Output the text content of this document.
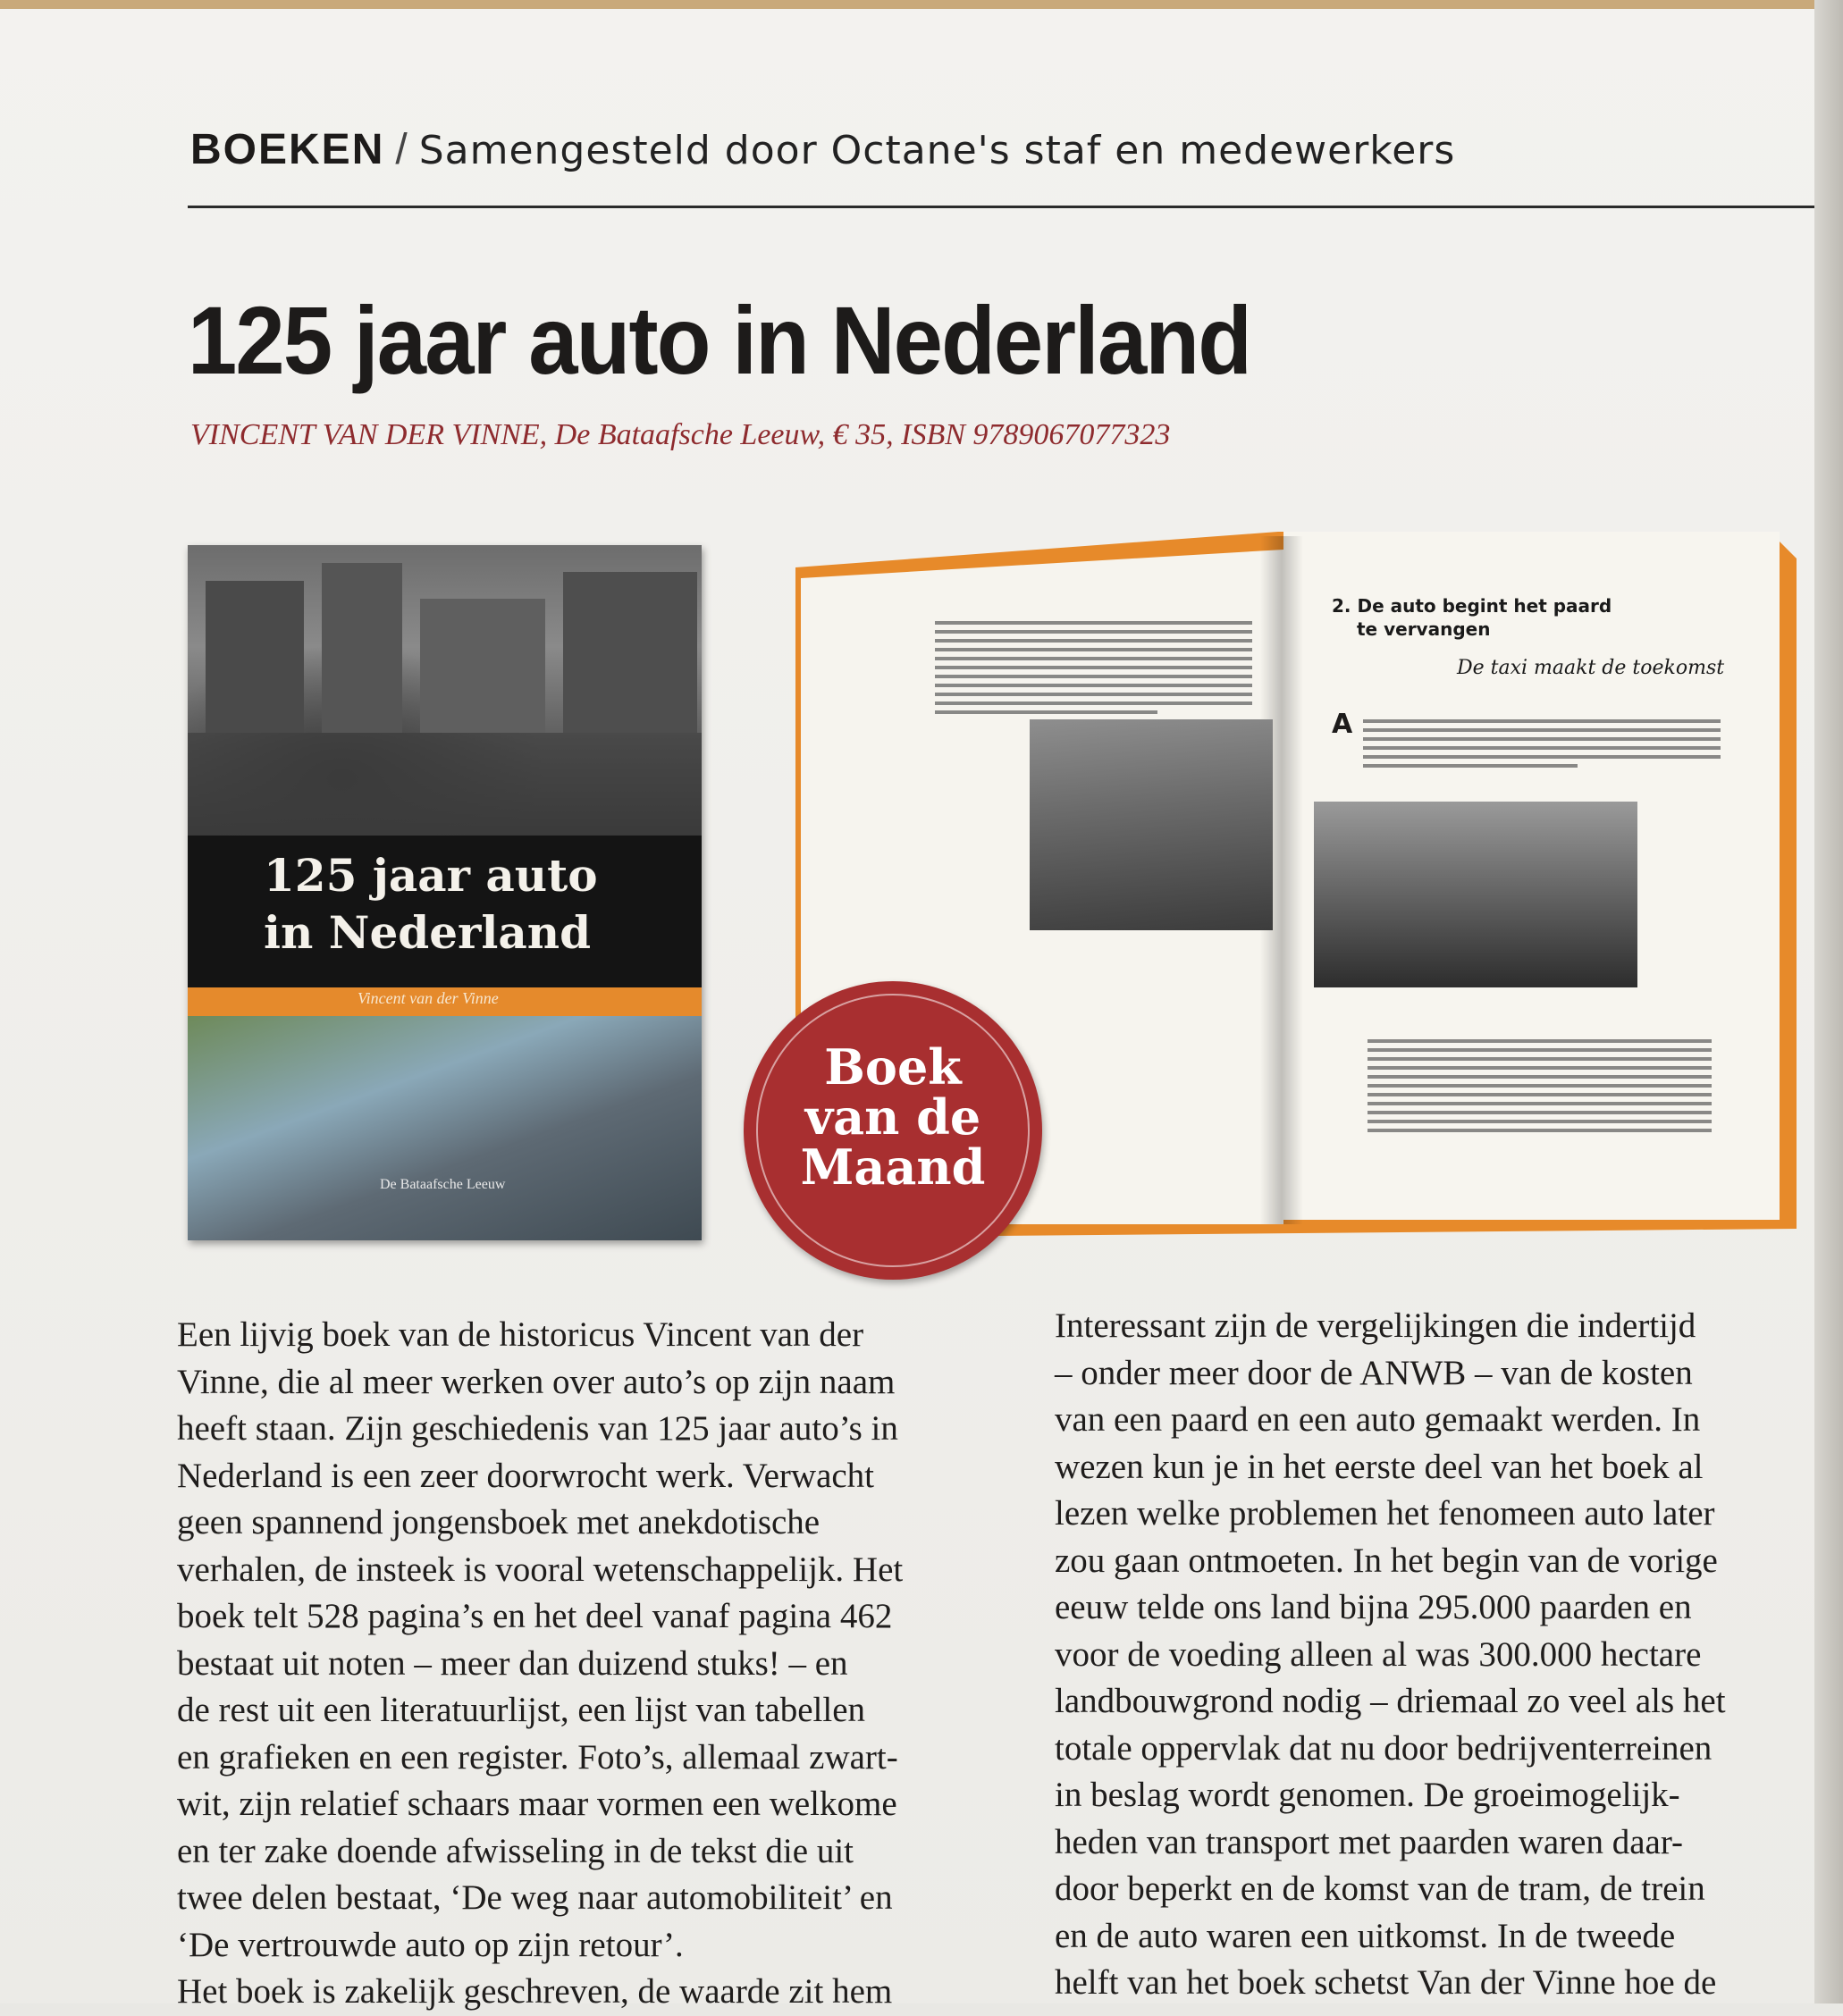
BOEKEN / Samengesteld door Octane's staf en medewerkers
125 jaar auto in Nederland
VINCENT VAN DER VINNE, De Bataafsche Leeuw, € 35, ISBN 9789067077323
125 jaar auto
in Nederland
Vincent van der Vinne
De Bataafsche Leeuw
2. De auto begint het paard
te vervangen
De taxi maakt de toekomst
A
Boek
van de
Maand
Een lijvig boek van de historicus Vincent van der
Vinne, die al meer werken over auto’s op zijn naam
heeft staan. Zijn geschiedenis van 125 jaar auto’s in
Nederland is een zeer doorwrocht werk. Verwacht
geen spannend jongensboek met anekdotische
verhalen, de insteek is vooral wetenschappelijk. Het
boek telt 528 pagina’s en het deel vanaf pagina 462
bestaat uit noten – meer dan duizend stuks! – en
de rest uit een literatuurlijst, een lijst van tabellen
en grafieken en een register. Foto’s, allemaal zwart-
wit, zijn relatief schaars maar vormen een welkome
en ter zake doende afwisseling in de tekst die uit
twee delen bestaat, ‘De weg naar automobiliteit’ en
‘De vertrouwde auto op zijn retour’.
Het boek is zakelijk geschreven, de waarde zit hem
Interessant zijn de vergelijkingen die indertijd
– onder meer door de ANWB – van de kosten
van een paard en een auto gemaakt werden. In
wezen kun je in het eerste deel van het boek al
lezen welke problemen het fenomeen auto later
zou gaan ontmoeten. In het begin van de vorige
eeuw telde ons land bijna 295.000 paarden en
voor de voeding alleen al was 300.000 hectare
landbouwgrond nodig – driemaal zo veel als het
totale oppervlak dat nu door bedrijventerreinen
in beslag wordt genomen. De groeimogelijk-
heden van transport met paarden waren daar-
door beperkt en de komst van de tram, de trein
en de auto waren een uitkomst. In de tweede
helft van het boek schetst Van der Vinne hoe de
